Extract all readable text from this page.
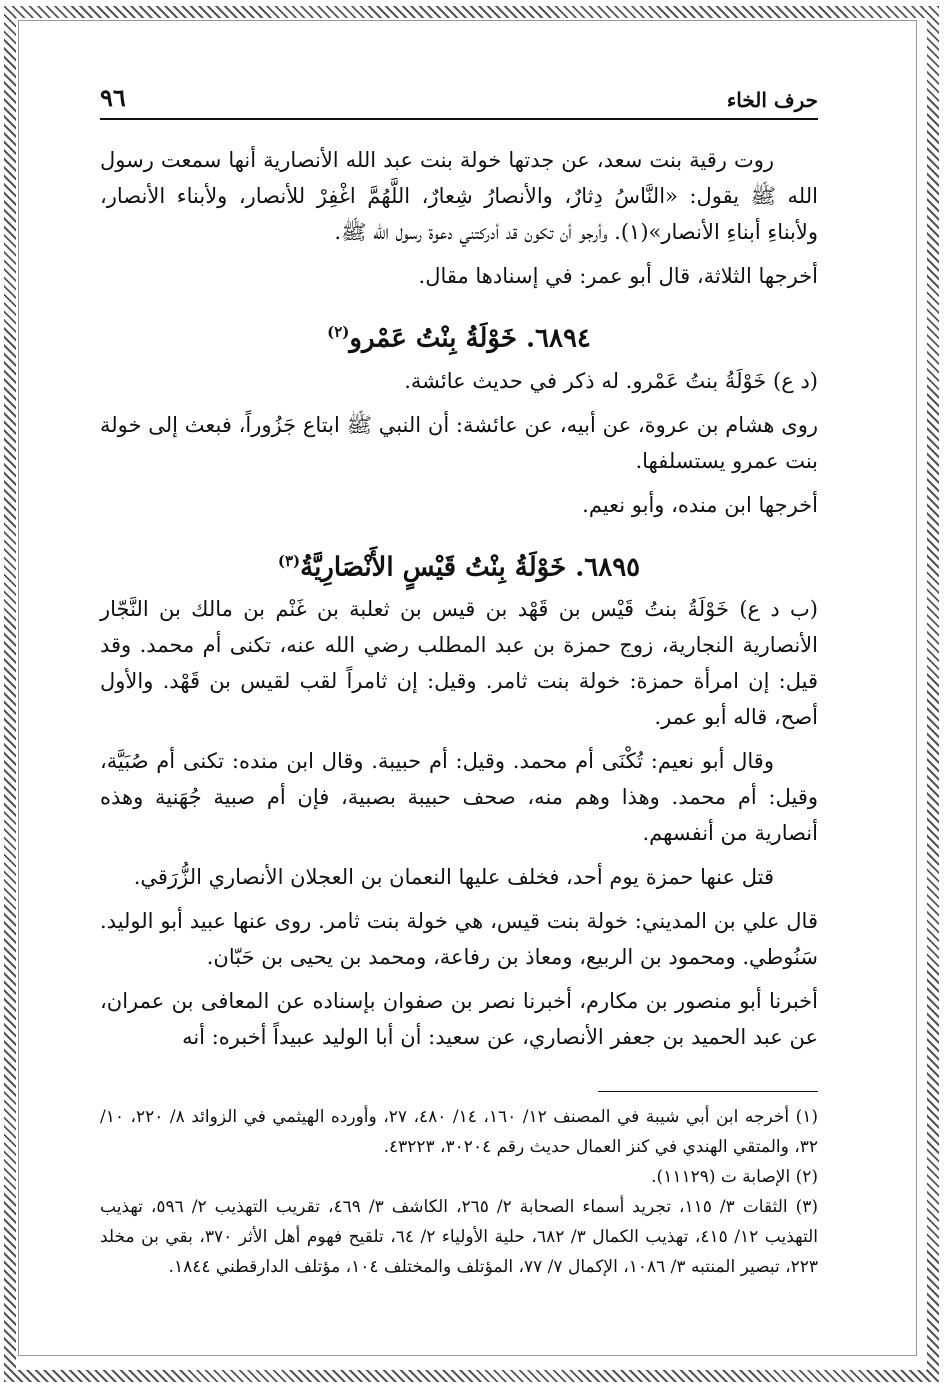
حرف الخاء
٩٦

روت رقية بنت سعد، عن جدتها خولة بنت عبد الله الأنصارية أنها سمعت رسول الله ﷺ يقول: «النَّاسُ دِثارٌ، والأنصارُ شِعارٌ، اللَّهُمَّ اغْفِرْ للأنصار، ولأبناء الأنصار، ولأبناءِ أبناءِ الأنصار»(١). وأرجو أن تكون قد أدركتني دعوة رسول الله ﷺ.

أخرجها الثلاثة، قال أبو عمر: في إسنادها مقال.

٦٨٩٤. خَوْلَةُ بِنْتُ عَمْرو$^{(٢)}$

(د ع) خَوْلَةُ بنتُ عَمْرو. له ذكر في حديث عائشة.

روى هشام بن عروة، عن أبيه، عن عائشة: أن النبي ﷺ ابتاع جَزُوراً، فبعث إلى خولة بنت عمرو يستسلفها.

أخرجها ابن منده، وأبو نعيم.

٦٨٩٥. خَوْلَةُ بِنْتُ قَيْسٍ الأَنْصَارِيَّةُ$^{(٣)}$

(ب د ع) خَوْلَةُ بنتُ قَيْس بن قَهْد بن قيس بن ثعلبة بن غَنْم بن مالك بن النَّجّار الأنصارية النجارية، زوج حمزة بن عبد المطلب رضي الله عنه، تكنى أم محمد. وقد قيل: إن امرأة حمزة: خولة بنت ثامر. وقيل: إن ثامراً لقب لقيس بن قَهْد. والأول أصح، قاله أبو عمر.

وقال أبو نعيم: تُكْنَى أم محمد. وقيل: أم حبيبة. وقال ابن منده: تكنى أم صُبَيَّة، وقيل: أم محمد. وهذا وهم منه، صحف حبيبة بصبية، فإن أم صبية جُهَنية وهذه أنصارية من أنفسهم.

قتل عنها حمزة يوم أحد، فخلف عليها النعمان بن العجلان الأنصاري الزُّرَقي.

قال علي بن المديني: خولة بنت قيس، هي خولة بنت ثامر. روى عنها عبيد أبو الوليد. سَنُوطي. ومحمود بن الربيع، ومعاذ بن رفاعة، ومحمد بن يحيى بن حَبّان.

أخبرنا أبو منصور بن مكارم، أخبرنا نصر بن صفوان بإسناده عن المعافى بن عمران، عن عبد الحميد بن جعفر الأنصاري، عن سعيد: أن أبا الوليد عبيداً أخبره: أنه

(١) أخرجه ابن أبي شيبة في المصنف ١٢/ ١٦٠، ١٤/ ٤٨٠، ٢٧، وأورده الهيثمي في الزوائد ٨/ ٢٢٠، ١٠/ ٣٢، والمتقي الهندي في كنز العمال حديث رقم ٣٠٢٠٤، ٤٣٢٢٣.

(٢) الإصابة ت (١١١٢٩).

(٣) الثقات ٣/ ١١٥، تجريد أسماء الصحابة ٢/ ٢٦٥، الكاشف ٣/ ٤٦٩، تقريب التهذيب ٢/ ٥٩٦، تهذيب التهذيب ١٢/ ٤١٥، تهذيب الكمال ٣/ ٦٨٢، حلية الأولياء ٢/ ٦٤، تلقيح فهوم أهل الأثر ٣٧٠، بقي بن مخلد ٢٢٣، تبصير المنتبه ٣/ ١٠٨٦، الإكمال ٧/ ٧٧، المؤتلف والمختلف ١٠٤، مؤتلف الدارقطني ١٨٤٤.
